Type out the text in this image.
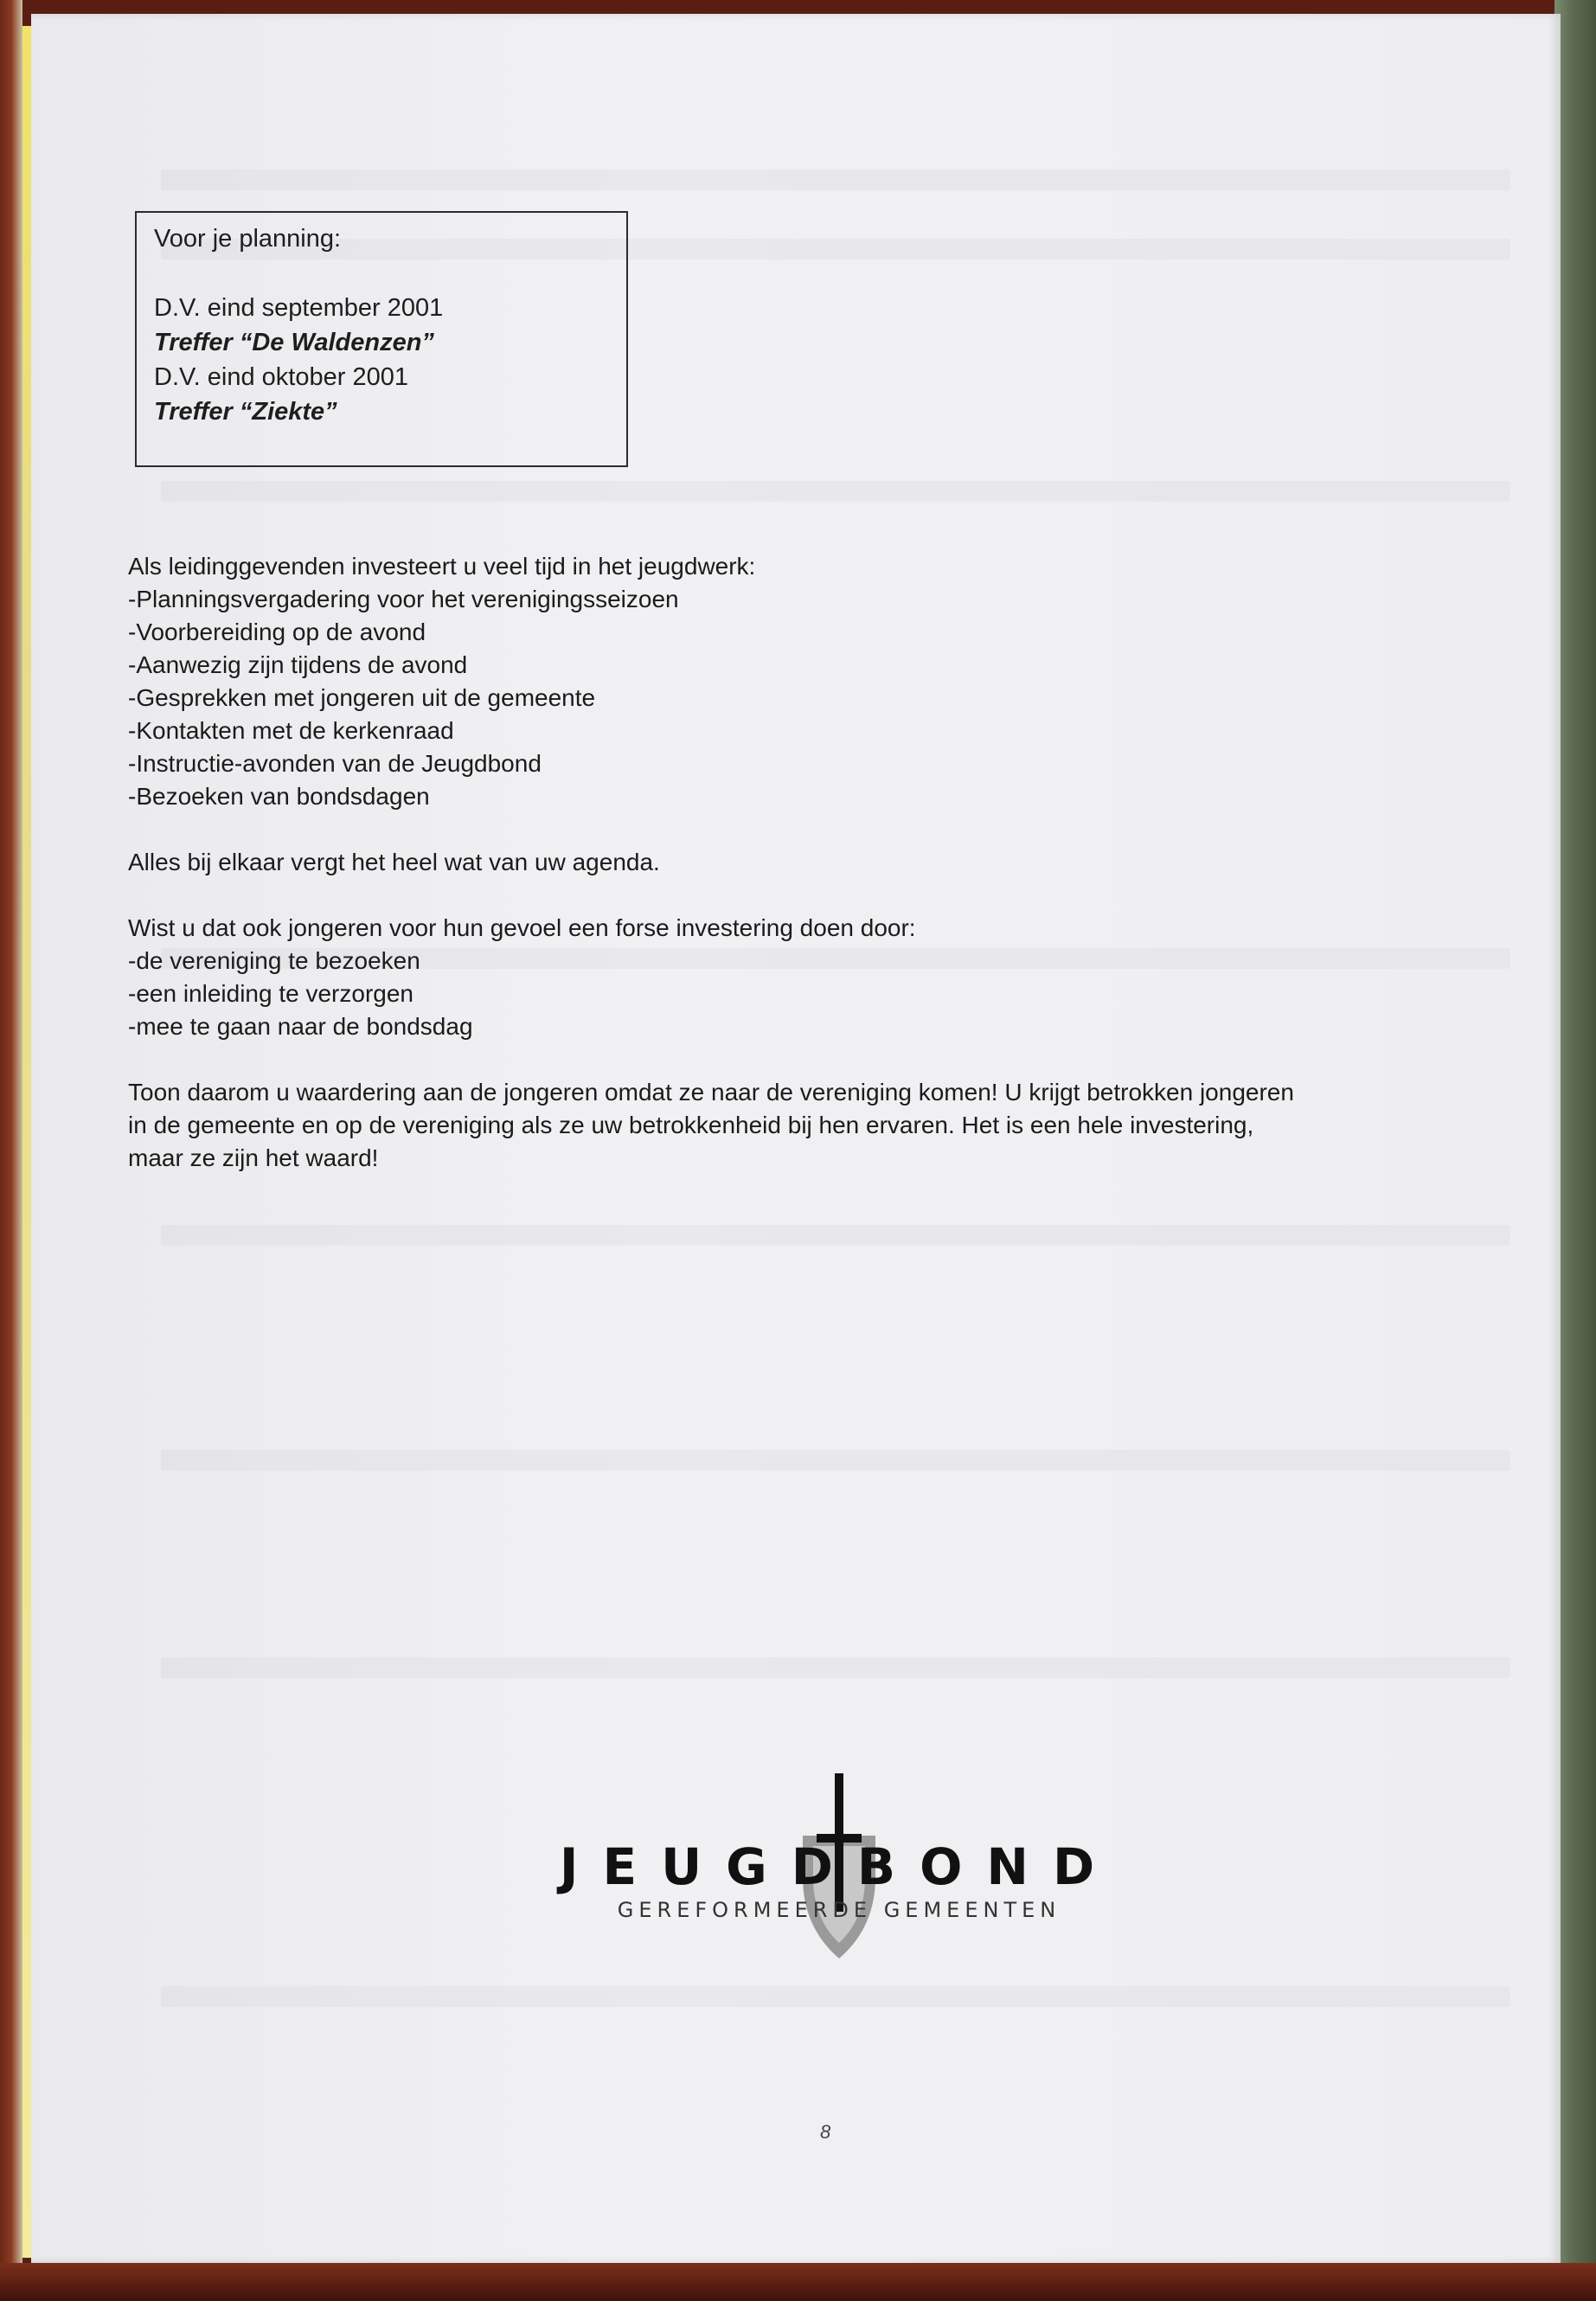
Voor je planning:
D.V. eind september 2001
Treffer “De Waldenzen”
D.V. eind oktober 2001
Treffer “Ziekte”

Als leidinggevenden investeert u veel tijd in het jeugdwerk:

-Planningsvergadering voor het verenigingsseizoen

-Voorbereiding op de avond

-Aanwezig zijn tijdens de avond

-Gesprekken met jongeren uit de gemeente

-Kontakten met de kerkenraad

-Instructie-avonden van de Jeugdbond

-Bezoeken van bondsdagen

Alles bij elkaar vergt het heel wat van uw agenda.

Wist u dat ook jongeren voor hun gevoel een forse investering doen door:

-de vereniging te bezoeken

-een inleiding te verzorgen

-mee te gaan naar de bondsdag

Toon daarom u waardering aan de jongeren omdat ze naar de vereniging komen! U krijgt betrokken jongeren

in de gemeente en op de vereniging als ze uw betrokkenheid bij hen ervaren. Het is een hele investering,

maar ze zijn het waard!

JEUGDBOND
GEREFORMEERDE GEMEENTEN
8
